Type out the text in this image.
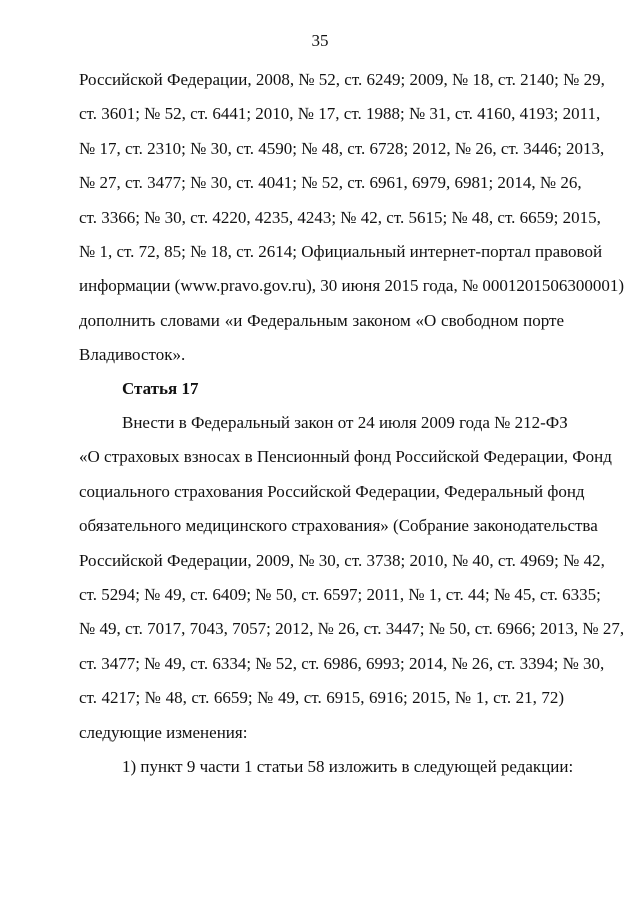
35
Российской Федерации, 2008, № 52, ст. 6249; 2009, № 18, ст. 2140; № 29,
ст. 3601; № 52, ст. 6441; 2010, № 17, ст. 1988; № 31, ст. 4160, 4193; 2011,
№ 17, ст. 2310; № 30, ст. 4590; № 48, ст. 6728; 2012, № 26, ст. 3446; 2013,
№ 27, ст. 3477; № 30, ст. 4041; № 52, ст. 6961, 6979, 6981; 2014, № 26,
ст. 3366; № 30, ст. 4220, 4235, 4243; № 42, ст. 5615; № 48, ст. 6659; 2015,
№ 1, ст. 72, 85; № 18, ст. 2614; Официальный интернет-портал правовой
информации (www.pravo.gov.ru), 30 июня 2015 года, № 0001201506300001)
дополнить словами «и Федеральным законом «О свободном порте
Владивосток».
Статья 17
Внести в Федеральный закон от 24 июля 2009 года № 212-ФЗ
«О страховых взносах в Пенсионный фонд Российской Федерации, Фонд
социального страхования Российской Федерации, Федеральный фонд
обязательного медицинского страхования» (Собрание законодательства
Российской Федерации, 2009, № 30, ст. 3738; 2010, № 40, ст. 4969; № 42,
ст. 5294; № 49, ст. 6409; № 50, ст. 6597; 2011, № 1, ст. 44; № 45, ст. 6335;
№ 49, ст. 7017, 7043, 7057; 2012, № 26, ст. 3447; № 50, ст. 6966; 2013, № 27,
ст. 3477; № 49, ст. 6334; № 52, ст. 6986, 6993; 2014, № 26, ст. 3394; № 30,
ст. 4217; № 48, ст. 6659; № 49, ст. 6915, 6916; 2015, № 1, ст. 21, 72)
следующие изменения:
1) пункт 9 части 1 статьи 58 изложить в следующей редакции:
